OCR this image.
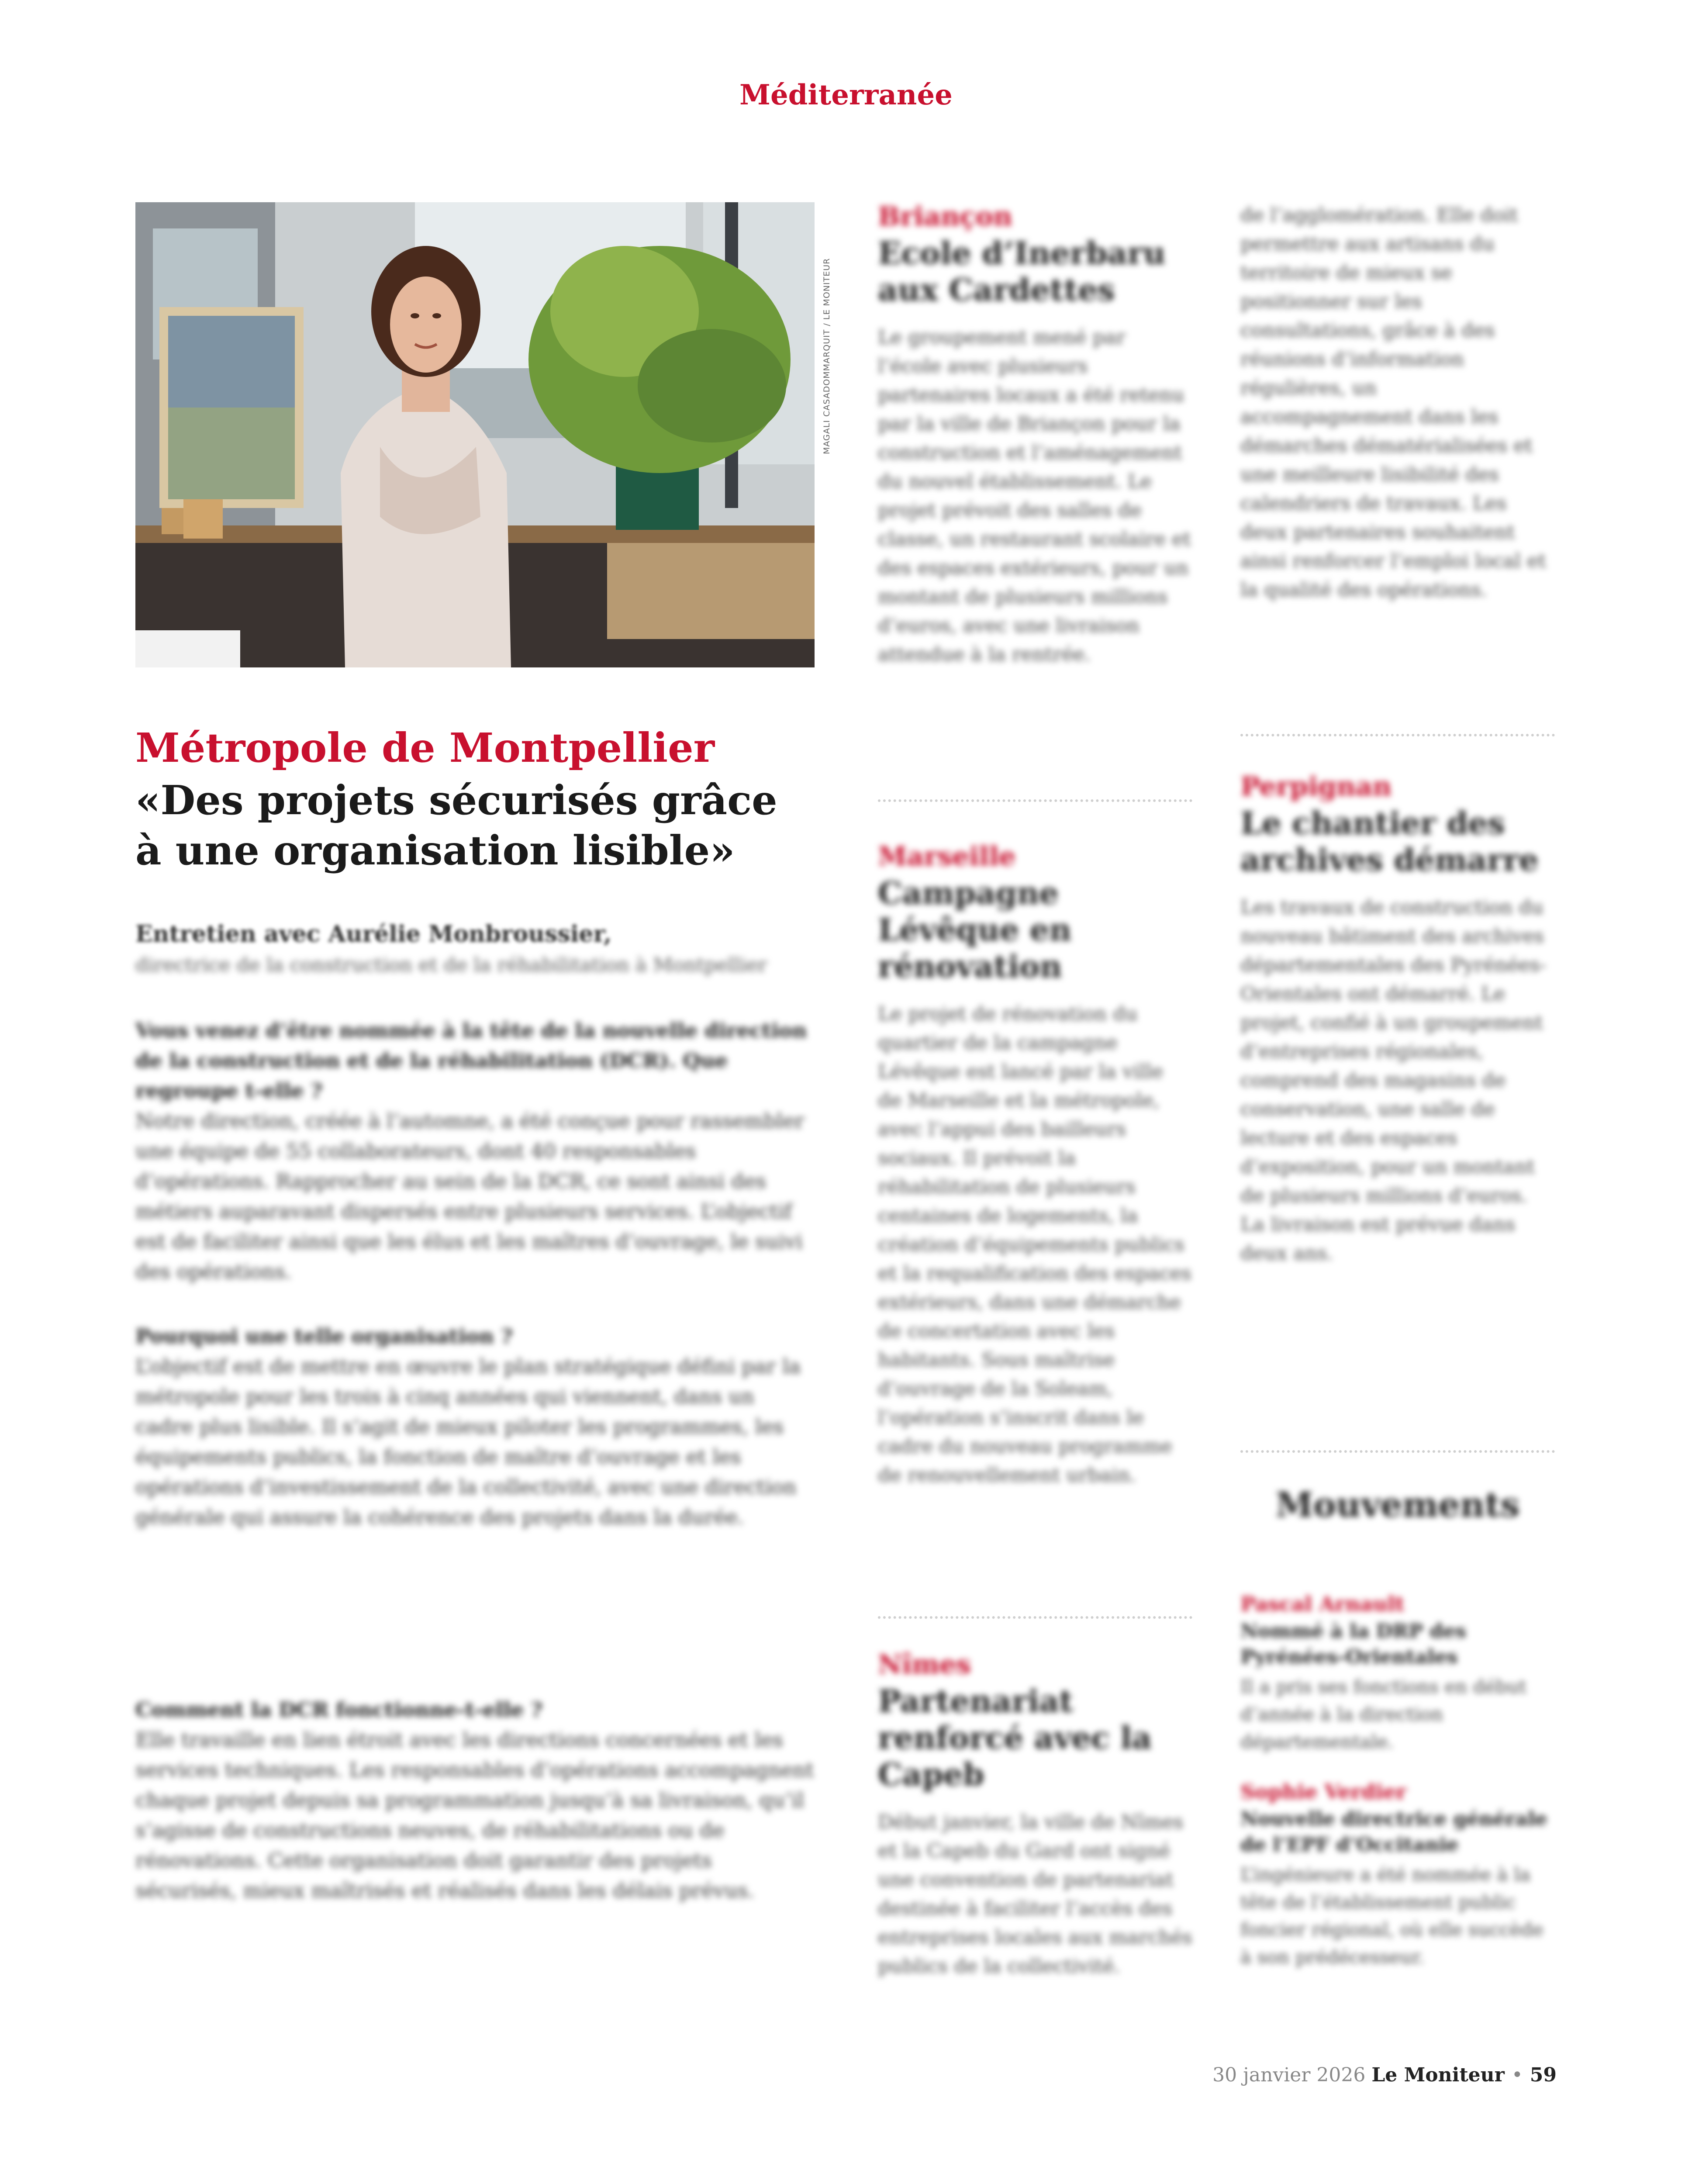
Méditerranée
MAGALI CASADOMMARQUIT / LE MONITEUR
Métropole de Montpellier
«Des projets sécurisés grâce à une organisation lisible»
Entretien avec Aurélie Monbroussier,
directrice de la construction et de la réhabilitation à Montpellier
Vous venez d’être nommée à la tête de la nouvelle direction de la construction et de la réhabilitation (DCR). Que regroupe t-elle ?
Notre direction, créée à l’automne, a été conçue pour rassembler une équipe de 55 collaborateurs, dont 40 responsables d’opérations. Rapprocher au sein de la DCR, ce sont ainsi des métiers auparavant dispersés entre plusieurs services. L’objectif est de faciliter ainsi que les élus et les maîtres d’ouvrage, le suivi des opérations.
Pourquoi une telle organisation ?
L’objectif est de mettre en œuvre le plan stratégique défini par la métropole pour les trois à cinq années qui viennent, dans un cadre plus lisible. Il s’agit de mieux piloter les programmes, les équipements publics, la fonction de maître d’ouvrage et les opérations d’investissement de la collectivité, avec une direction générale qui assure la cohérence des projets dans la durée.
Comment la DCR fonctionne-t-elle ?
Elle travaille en lien étroit avec les directions concernées et les services techniques. Les responsables d’opérations accompagnent chaque projet depuis sa programmation jusqu’à sa livraison, qu’il s’agisse de constructions neuves, de réhabilitations ou de rénovations. Cette organisation doit garantir des projets sécurisés, mieux maîtrisés et réalisés dans les délais prévus.
Briançon
Ecole d’Inerbaru aux Cardettes
Le groupement mené par l’école avec plusieurs partenaires locaux a été retenu par la ville de Briançon pour la construction et l’aménagement du nouvel établissement. Le projet prévoit des salles de classe, un restaurant scolaire et des espaces extérieurs, pour un montant de plusieurs millions d’euros, avec une livraison attendue à la rentrée.
Marseille
Campagne Lévêque en rénovation
Le projet de rénovation du quartier de la campagne Lévêque est lancé par la ville de Marseille et la métropole, avec l’appui des bailleurs sociaux. Il prévoit la réhabilitation de plusieurs centaines de logements, la création d’équipements publics et la requalification des espaces extérieurs, dans une démarche de concertation avec les habitants. Sous maîtrise d’ouvrage de la Soleam, l’opération s’inscrit dans le cadre du nouveau programme de renouvellement urbain.
Nîmes
Partenariat renforcé avec la Capeb
Début janvier, la ville de Nîmes et la Capeb du Gard ont signé une convention de partenariat destinée à faciliter l’accès des entreprises locales aux marchés publics de la collectivité.
de l’agglomération. Elle doit permettre aux artisans du territoire de mieux se positionner sur les consultations, grâce à des réunions d’information régulières, un accompagnement dans les démarches dématérialisées et une meilleure lisibilité des calendriers de travaux. Les deux partenaires souhaitent ainsi renforcer l’emploi local et la qualité des opérations.
Perpignan
Le chantier des archives démarre
Les travaux de construction du nouveau bâtiment des archives départementales des Pyrénées-Orientales ont démarré. Le projet, confié à un groupement d’entreprises régionales, comprend des magasins de conservation, une salle de lecture et des espaces d’exposition, pour un montant de plusieurs millions d’euros. La livraison est prévue dans deux ans.
Mouvements
Pascal Arnault
Nommé à la DRP des Pyrénées-Orientales
Il a pris ses fonctions en début d’année à la direction départementale.
Sophie Verdier
Nouvelle directrice générale de l’EPF d’Occitanie
L’ingénieure a été nommée à la tête de l’établissement public foncier régional, où elle succède à son prédécesseur.
30 janvier 2026 Le Moniteur • 59
